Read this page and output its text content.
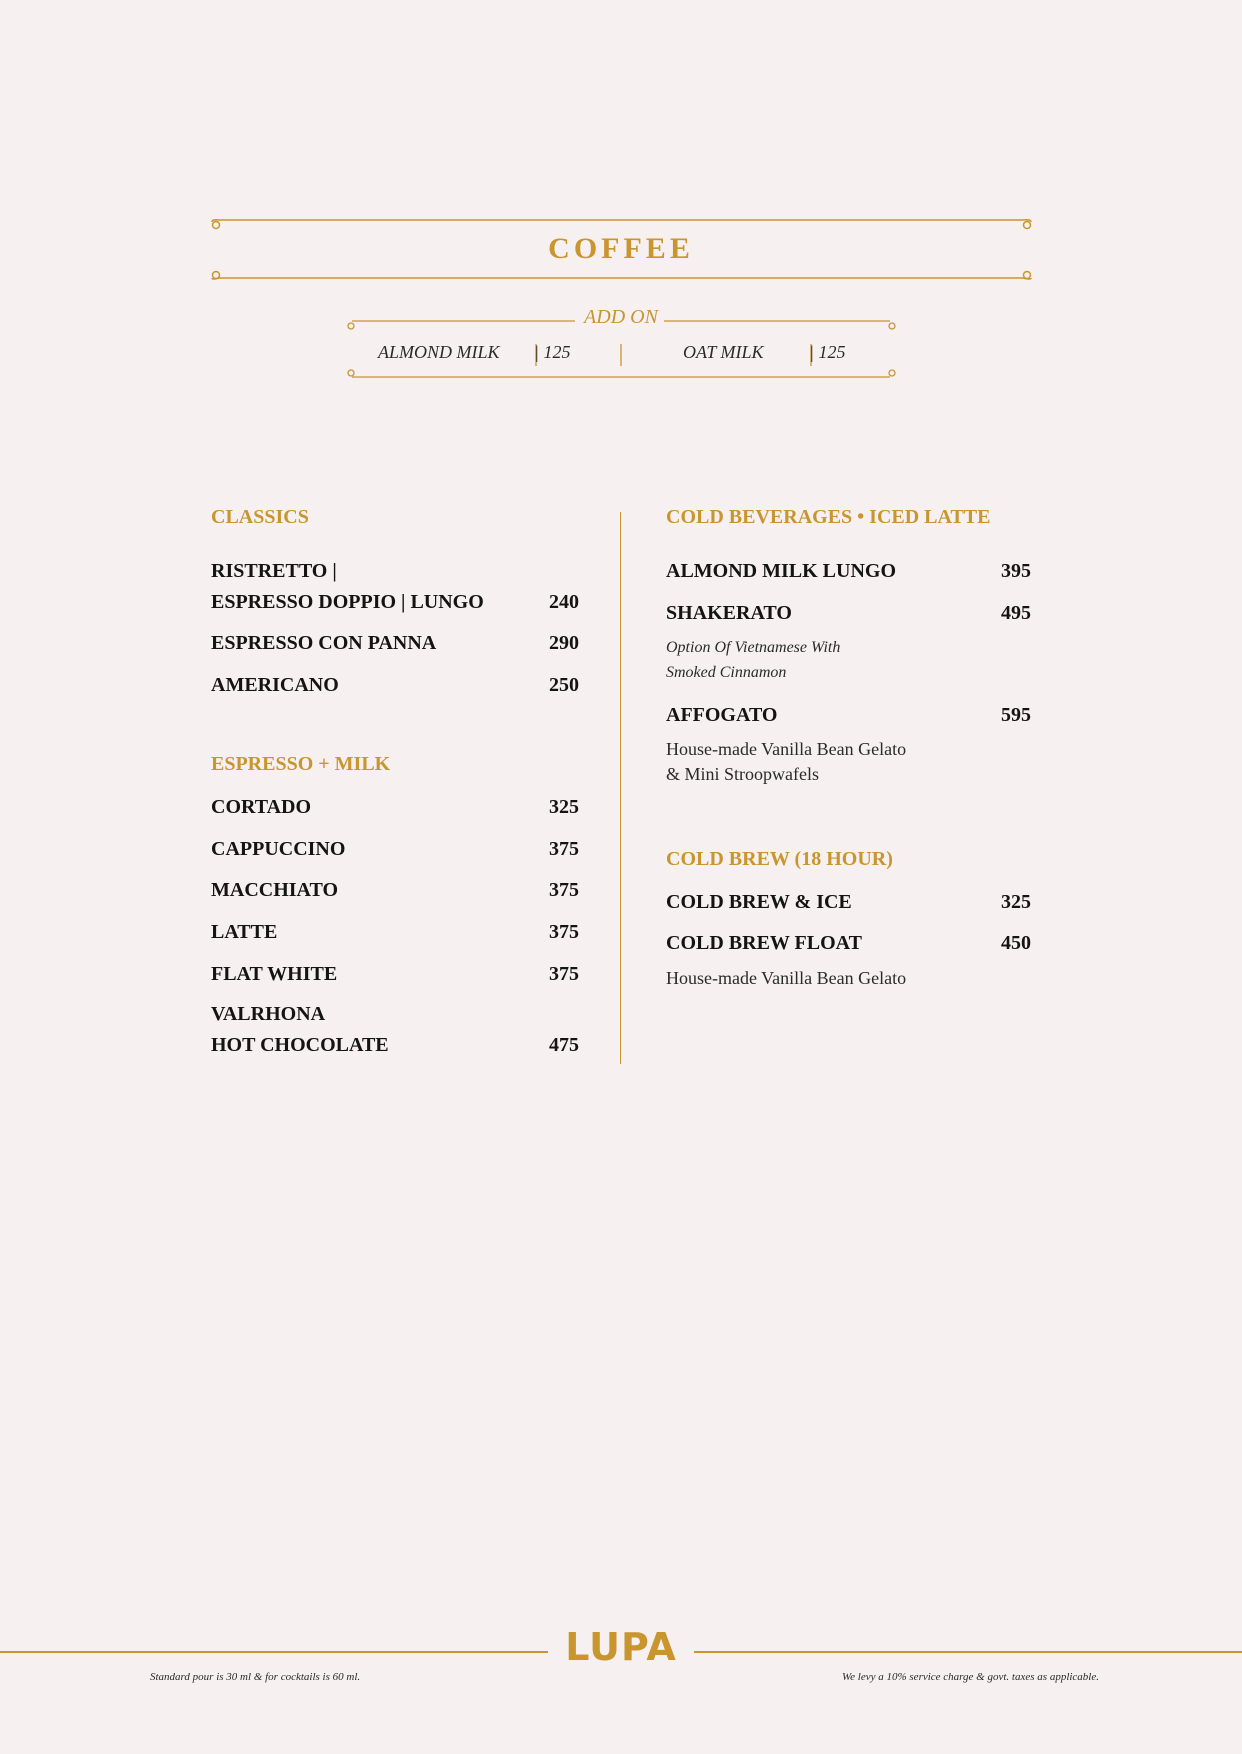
COFFEE
ADD ON
ALMOND MILK | 125	OAT MILK	| 125
CLASSICS
RISTRETTO |
ESPRESSO DOPPIO | LUNGO	240
ESPRESSO CON PANNA	290
AMERICANO	250
ESPRESSO + MILK
CORTADO	325
CAPPUCCINO	375
MACCHIATO	375
LATTE	375
FLAT WHITE	375
VALRHONA
HOT CHOCOLATE	475
COLD BEVERAGES • ICED LATTE
ALMOND MILK LUNGO	395
SHAKERATO	495
Option Of Vietnamese With
Smoked Cinnamon
AFFOGATO	595
House-made Vanilla Bean Gelato
& Mini Stroopwafels
COLD BREW (18 HOUR)
COLD BREW & ICE	325
COLD BREW FLOAT	450
House-made Vanilla Bean Gelato
LUPA
Standard pour is 30 ml & for cocktails is 60 ml.	We levy a 10% service charge & govt. taxes as applicable.
